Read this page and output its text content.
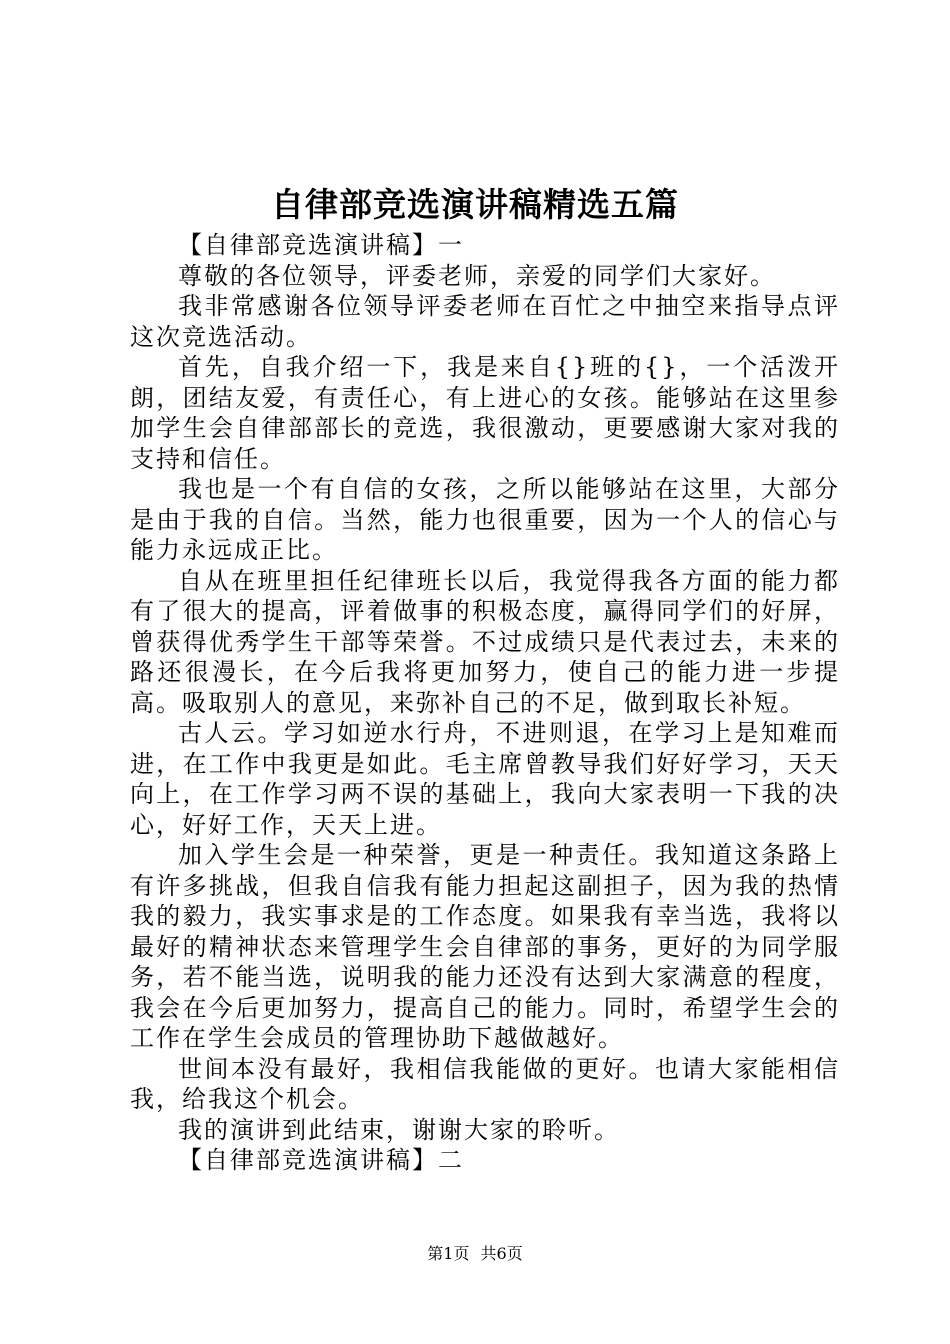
自律部竞选演讲稿精选五篇

【自律部竞选演讲稿】一

尊敬的各位领导，评委老师，亲爱的同学们大家好。

我非常感谢各位领导评委老师在百忙之中抽空来指导点评这次竞选活动。

首先，自我介绍一下，我是来自{}班的{}，一个活泼开朗，团结友爱，有责任心，有上进心的女孩。能够站在这里参加学生会自律部部长的竞选，我很激动，更要感谢大家对我的支持和信任。

我也是一个有自信的女孩，之所以能够站在这里，大部分是由于我的自信。当然，能力也很重要，因为一个人的信心与能力永远成正比。

自从在班里担任纪律班长以后，我觉得我各方面的能力都有了很大的提高，评着做事的积极态度，赢得同学们的好屏，曾获得优秀学生干部等荣誉。不过成绩只是代表过去，未来的路还很漫长，在今后我将更加努力，使自己的能力进一步提高。吸取别人的意见，来弥补自己的不足，做到取长补短。

古人云。学习如逆水行舟，不进则退，在学习上是知难而进，在工作中我更是如此。毛主席曾教导我们好好学习，天天向上，在工作学习两不误的基础上，我向大家表明一下我的决心，好好工作，天天上进。

加入学生会是一种荣誉，更是一种责任。我知道这条路上有许多挑战，但我自信我有能力担起这副担子，因为我的热情我的毅力，我实事求是的工作态度。如果我有幸当选，我将以最好的精神状态来管理学生会自律部的事务，更好的为同学服务，若不能当选，说明我的能力还没有达到大家满意的程度，我会在今后更加努力，提高自己的能力。同时，希望学生会的工作在学生会成员的管理协助下越做越好。

世间本没有最好，我相信我能做的更好。也请大家能相信我，给我这个机会。

我的演讲到此结束，谢谢大家的聆听。

【自律部竞选演讲稿】二

第1页 共6页
